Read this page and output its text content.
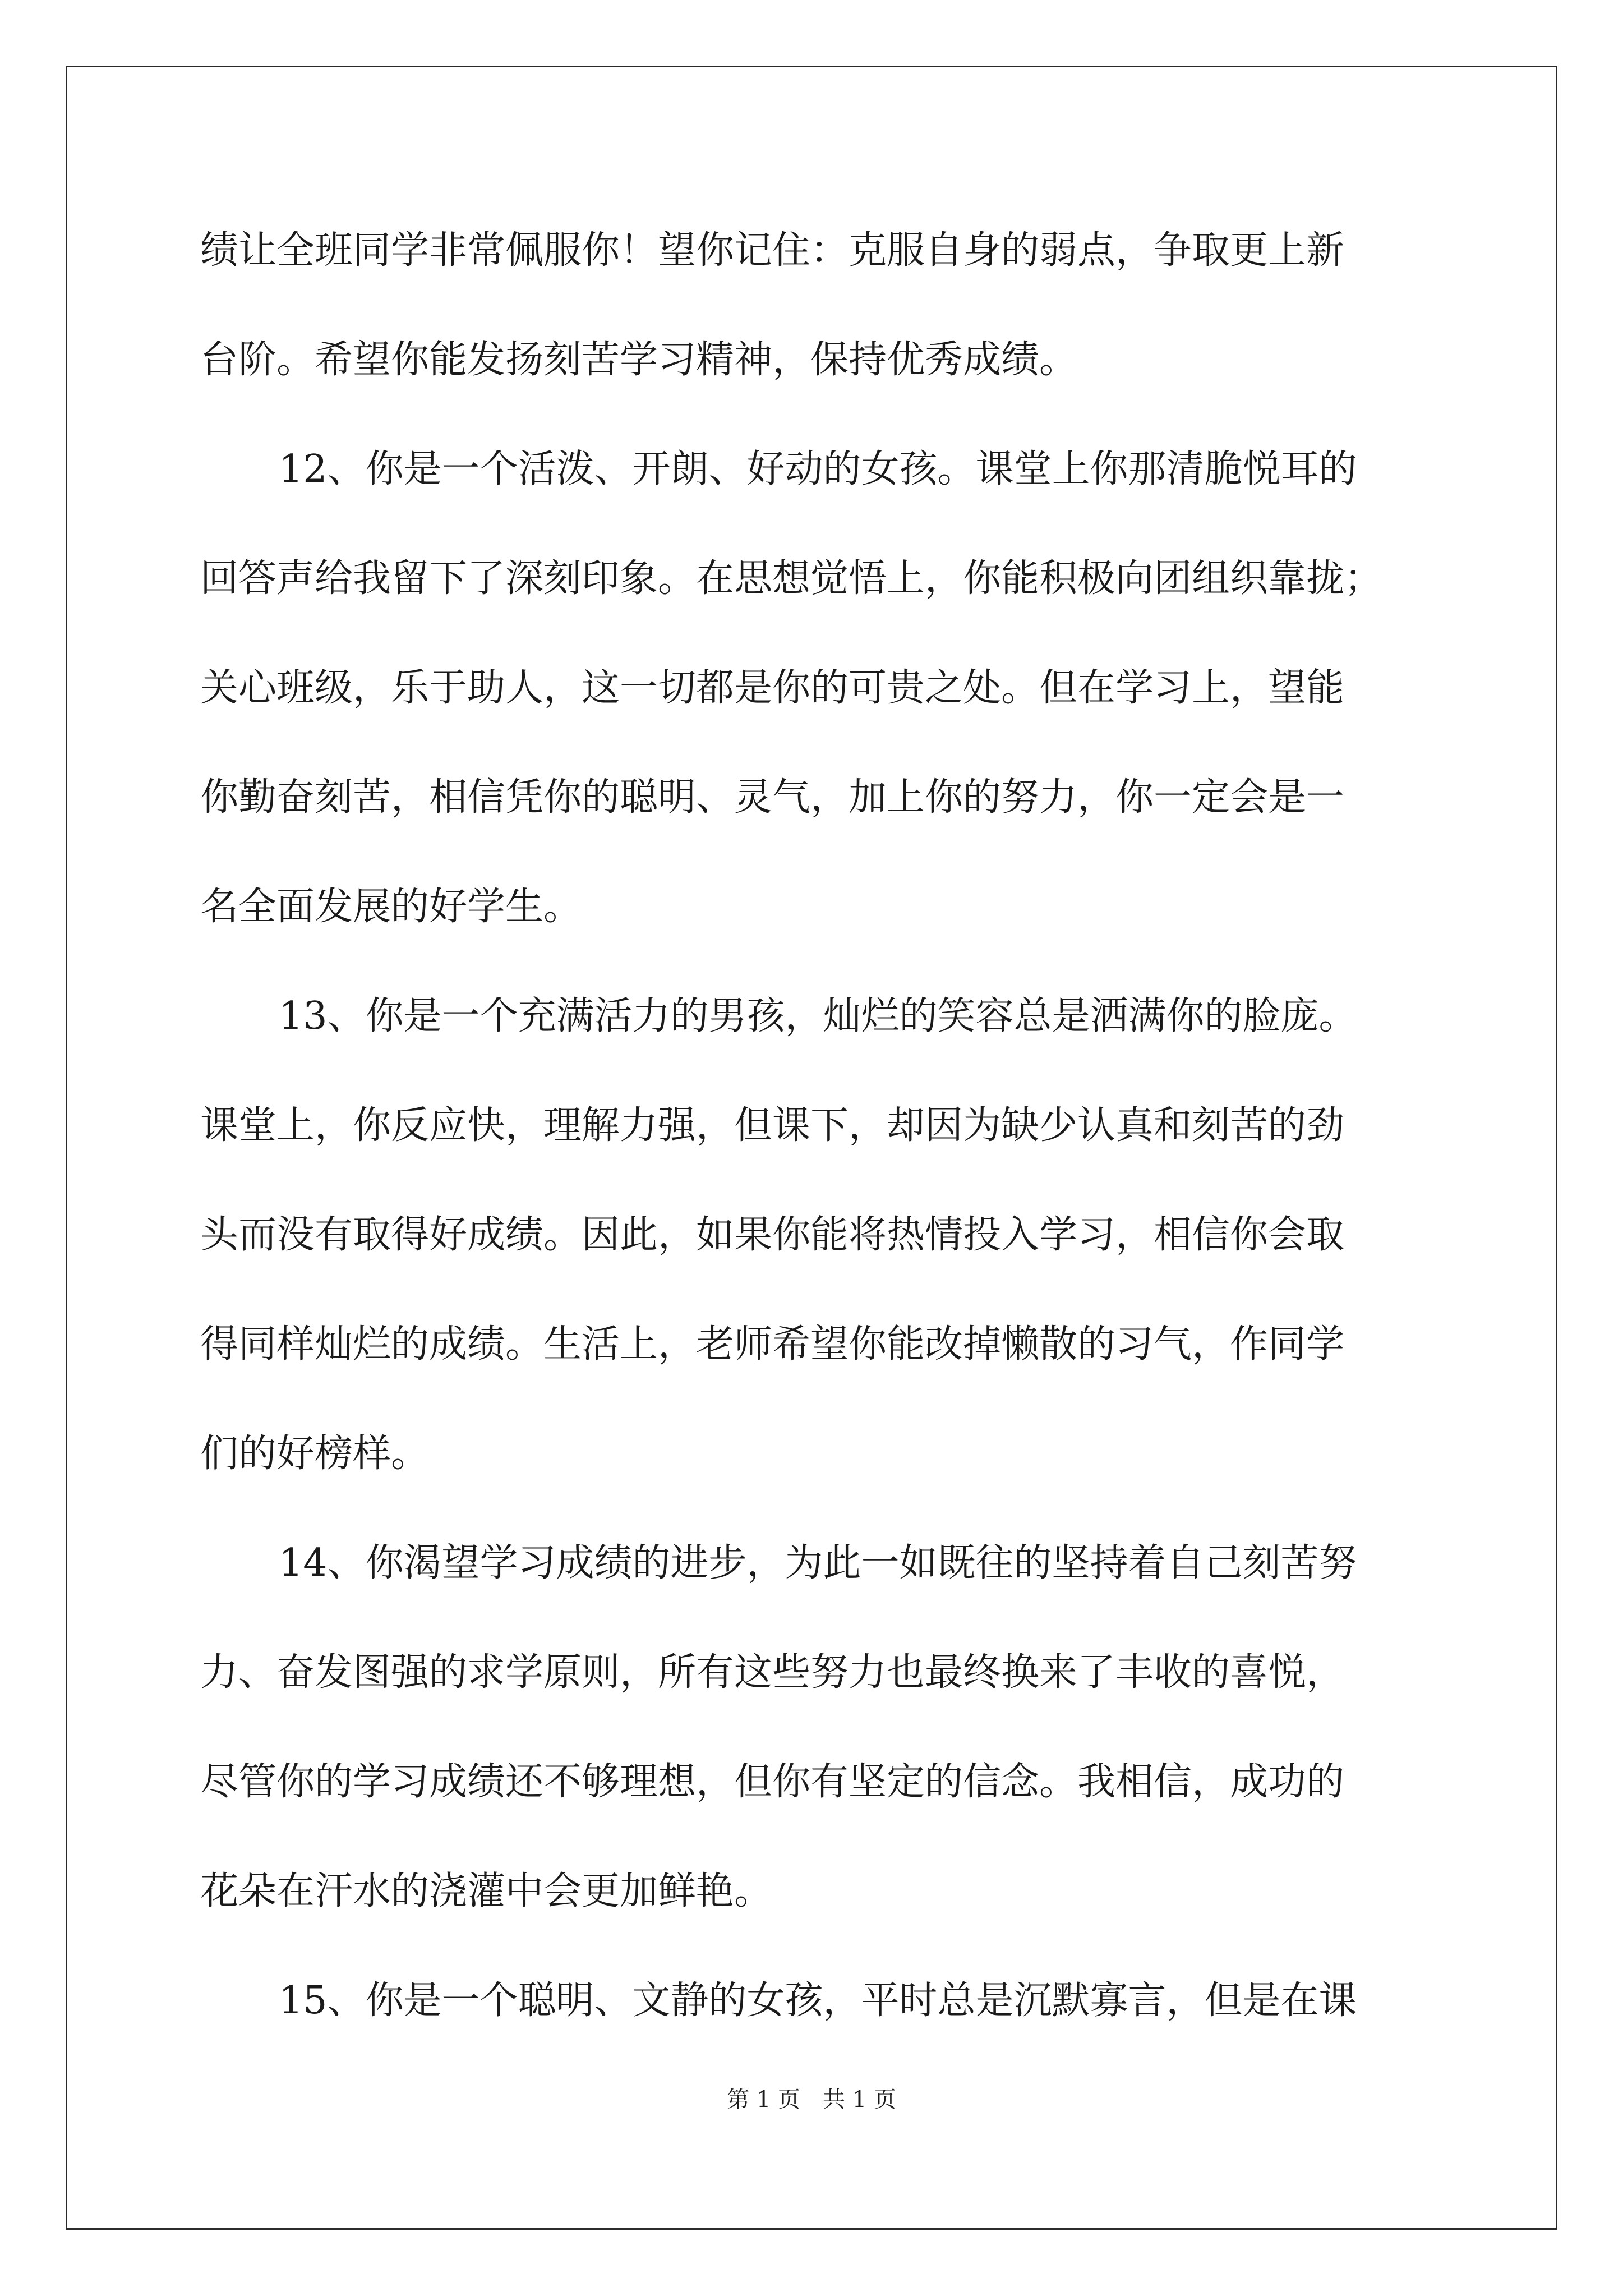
绩让全班同学非常佩服你！望你记住：克服自身的弱点，争取更上新
台阶。希望你能发扬刻苦学习精神，保持优秀成绩。
12、你是一个活泼、开朗、好动的女孩。课堂上你那清脆悦耳的
回答声给我留下了深刻印象。在思想觉悟上，你能积极向团组织靠拢；
关心班级，乐于助人，这一切都是你的可贵之处。但在学习上，望能
你勤奋刻苦，相信凭你的聪明、灵气，加上你的努力，你一定会是一
名全面发展的好学生。
13、你是一个充满活力的男孩，灿烂的笑容总是洒满你的脸庞。
课堂上，你反应快，理解力强，但课下，却因为缺少认真和刻苦的劲
头而没有取得好成绩。因此，如果你能将热情投入学习，相信你会取
得同样灿烂的成绩。生活上，老师希望你能改掉懒散的习气，作同学
们的好榜样。
14、你渴望学习成绩的进步，为此一如既往的坚持着自己刻苦努
力、奋发图强的求学原则，所有这些努力也最终换来了丰收的喜悦，
尽管你的学习成绩还不够理想，但你有坚定的信念。我相信，成功的
花朵在汗水的浇灌中会更加鲜艳。
15、你是一个聪明、文静的女孩，平时总是沉默寡言，但是在课
第 1 页　共 1 页
